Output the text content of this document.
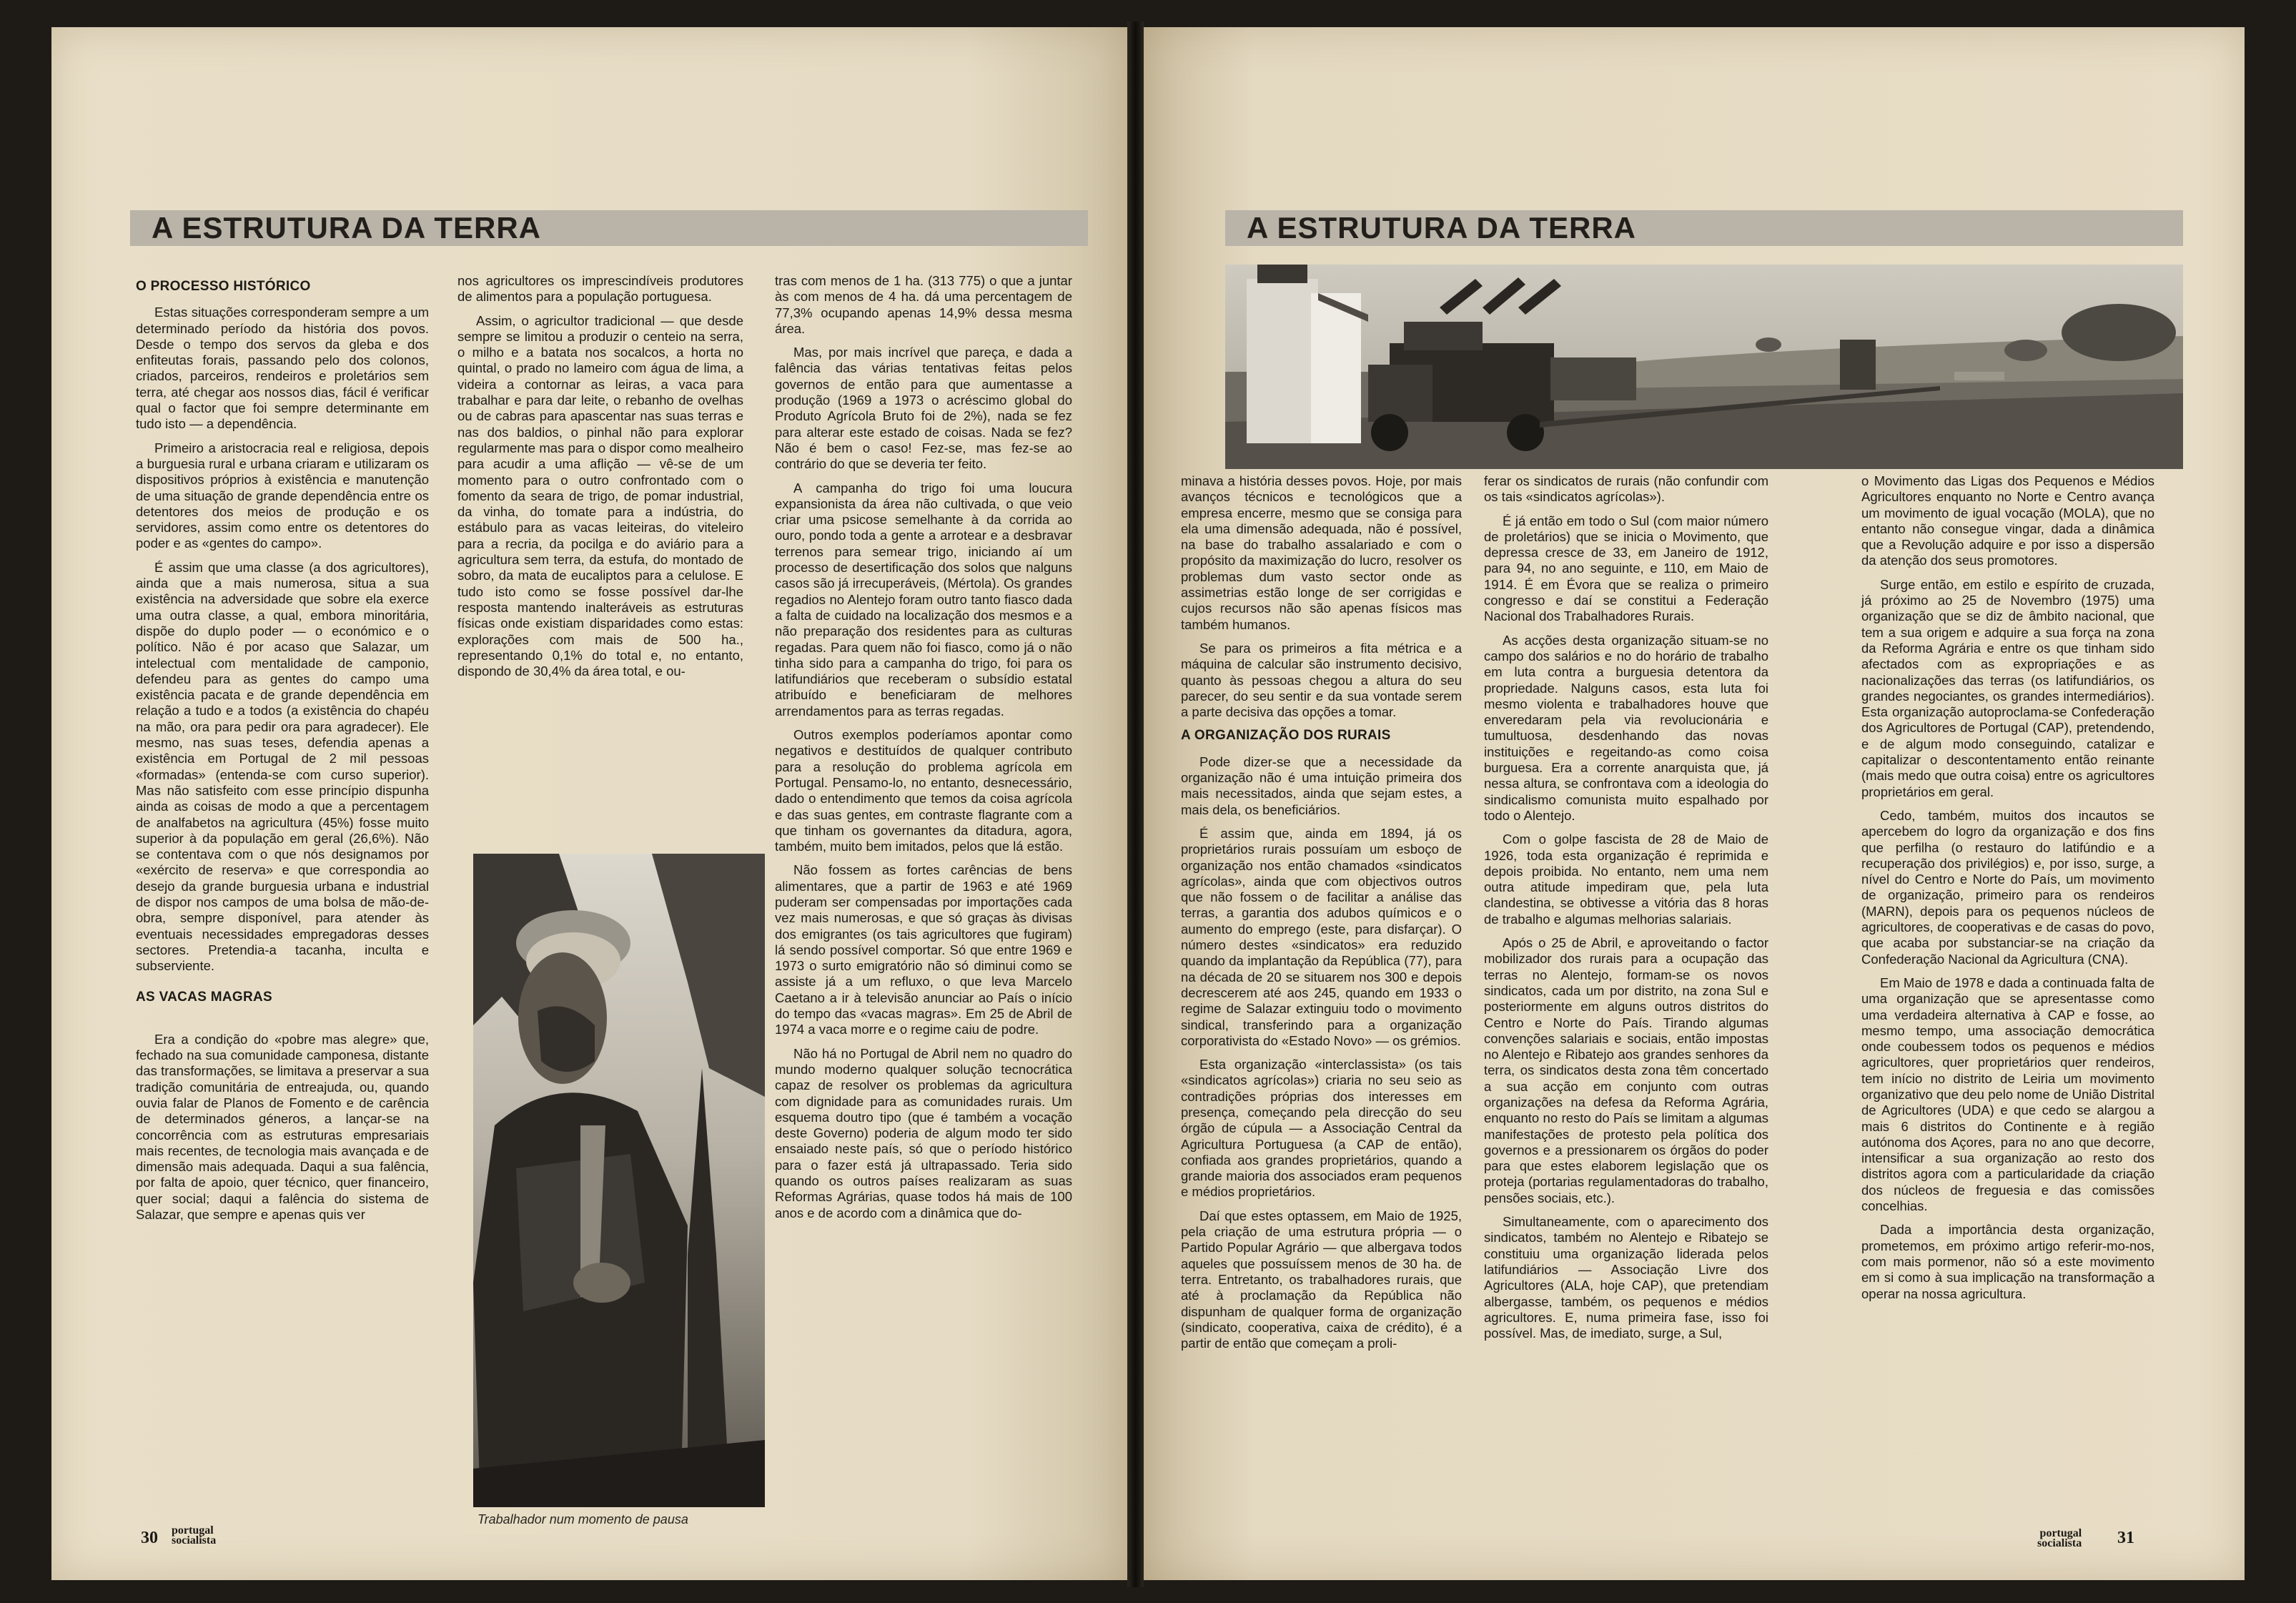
A ESTRUTURA DA TERRA
O PROCESSO HISTÓRICO

Estas situações corresponderam sempre a um determinado período da história dos povos. Desde o tempo dos servos da gleba e dos enfiteutas forais, passando pelo dos colonos, criados, parceiros, rendeiros e proletários sem terra, até chegar aos nossos dias, fácil é verificar qual o factor que foi sempre determinante em tudo isto — a dependência.

Primeiro a aristocracia real e religiosa, depois a burguesia rural e urbana criaram e utilizaram os dispositivos próprios à existência e manutenção de uma situação de grande dependência entre os detentores dos meios de produção e os servidores, assim como entre os detentores do poder e as «gentes do campo».

É assim que uma classe (a dos agricultores), ainda que a mais numerosa, situa a sua existência na adversidade que sobre ela exerce uma outra classe, a qual, embora minoritária, dispõe do duplo poder — o económico e o político. Não é por acaso que Salazar, um intelectual com mentalidade de camponio, defendeu para as gentes do campo uma existência pacata e de grande dependência em relação a tudo e a todos (a existência do chapéu na mão, ora para pedir ora para agradecer). Ele mesmo, nas suas teses, defendia apenas a existência em Portugal de 2 mil pessoas «formadas» (entenda-se com curso superior). Mas não satisfeito com esse princípio dispunha ainda as coisas de modo a que a percentagem de analfabetos na agricultura (45%) fosse muito superior à da população em geral (26,6%). Não se contentava com o que nós designamos por «exército de reserva» e que correspondia ao desejo da grande burguesia urbana e industrial de dispor nos campos de uma bolsa de mão-de-obra, sempre disponível, para atender às eventuais necessidades empregadoras desses sectores. Pretendia-a tacanha, inculta e subserviente.

AS VACAS MAGRAS

Era a condição do «pobre mas alegre» que, fechado na sua comunidade camponesa, distante das transformações, se limitava a preservar a sua tradição comunitária de entreajuda, ou, quando ouvia falar de Planos de Fomento e de carência de determinados géneros, a lançar-se na concorrência com as estruturas empresariais mais recentes, de tecnologia mais avançada e de dimensão mais adequada. Daqui a sua falência, por falta de apoio, quer técnico, quer financeiro, quer social; daqui a falência do sistema de Salazar, que sempre e apenas quis ver

nos agricultores os imprescindíveis produtores de alimentos para a população portuguesa.

Assim, o agricultor tradicional — que desde sempre se limitou a produzir o centeio na serra, o milho e a batata nos socalcos, a horta no quintal, o prado no lameiro com água de lima, a videira a contornar as leiras, a vaca para trabalhar e para dar leite, o rebanho de ovelhas ou de cabras para apascentar nas suas terras e nas dos baldios, o pinhal não para explorar regularmente mas para o dispor como mealheiro para acudir a uma aflição — vê-se de um momento para o outro confrontado com o fomento da seara de trigo, de pomar industrial, da vinha, do tomate para a indústria, do estábulo para as vacas leiteiras, do viteleiro para a recria, da pocilga e do aviário para a agricultura sem terra, da estufa, do montado de sobro, da mata de eucaliptos para a celulose. E tudo isto como se fosse possível dar-lhe resposta mantendo inalteráveis as estruturas físicas onde existiam disparidades como estas: explorações com mais de 500 ha., representando 0,1% do total e, no entanto, dispondo de 30,4% da área total, e ou-

Trabalhador num momento de pausa

tras com menos de 1 ha. (313 775) o que a juntar às com menos de 4 ha. dá uma percentagem de 77,3% ocupando apenas 14,9% dessa mesma área.

Mas, por mais incrível que pareça, e dada a falência das várias tentativas feitas pelos governos de então para que aumentasse a produção (1969 a 1973 o acréscimo global do Produto Agrícola Bruto foi de 2%), nada se fez para alterar este estado de coisas. Nada se fez? Não é bem o caso! Fez-se, mas fez-se ao contrário do que se deveria ter feito.

A campanha do trigo foi uma loucura expansionista da área não cultivada, o que veio criar uma psicose semelhante à da corrida ao ouro, pondo toda a gente a arrotear e a desbravar terrenos para semear trigo, iniciando aí um processo de desertificação dos solos que nalguns casos são já irrecuperáveis, (Mértola). Os grandes regadios no Alentejo foram outro tanto fiasco dada a falta de cuidado na localização dos mesmos e a não preparação dos residentes para as culturas regadas. Para quem não foi fiasco, como já o não tinha sido para a campanha do trigo, foi para os latifundiários que receberam o subsídio estatal atribuído e beneficiaram de melhores arrendamentos para as terras regadas.

Outros exemplos poderíamos apontar como negativos e destituídos de qualquer contributo para a resolução do problema agrícola em Portugal. Pensamo-lo, no entanto, desnecessário, dado o entendimento que temos da coisa agrícola e das suas gentes, em contraste flagrante com a que tinham os governantes da ditadura, agora, também, muito bem imitados, pelos que lá estão.

Não fossem as fortes carências de bens alimentares, que a partir de 1963 e até 1969 puderam ser compensadas por importações cada vez mais numerosas, e que só graças às divisas dos emigrantes (os tais agricultores que fugiram) lá sendo possível comportar. Só que entre 1969 e 1973 o surto emigratório não só diminui como se assiste já a um refluxo, o que leva Marcelo Caetano a ir à televisão anunciar ao País o início do tempo das «vacas magras». Em 25 de Abril de 1974 a vaca morre e o regime caiu de podre.

Não há no Portugal de Abril nem no quadro do mundo moderno qualquer solução tecnocrática capaz de resolver os problemas da agricultura com dignidade para as comunidades rurais. Um esquema doutro tipo (que é também a vocação deste Governo) poderia de algum modo ter sido ensaiado neste país, só que o período histórico para o fazer está já ultrapassado. Teria sido quando os outros países realizaram as suas Reformas Agrárias, quase todos há mais de 100 anos e de acordo com a dinâmica que do-

30 portugal
socialista
A ESTRUTURA DA TERRA

minava a história desses povos. Hoje, por mais avanços técnicos e tecnológicos que a empresa encerre, mesmo que se consiga para ela uma dimensão adequada, não é possível, na base do trabalho assalariado e com o propósito da maximização do lucro, resolver os problemas dum vasto sector onde as assimetrias estão longe de ser corrigidas e cujos recursos não são apenas físicos mas também humanos.

Se para os primeiros a fita métrica e a máquina de calcular são instrumento decisivo, quanto às pessoas chegou a altura do seu parecer, do seu sentir e da sua vontade serem a parte decisiva das opções a tomar.

A ORGANIZAÇÃO DOS RURAIS

Pode dizer-se que a necessidade da organização não é uma intuição primeira dos mais necessitados, ainda que sejam estes, a mais dela, os beneficiários.

É assim que, ainda em 1894, já os proprietários rurais possuíam um esboço de organização nos então chamados «sindicatos agrícolas», ainda que com objectivos outros que não fossem o de facilitar a análise das terras, a garantia dos adubos químicos e o aumento do emprego (este, para disfarçar). O número destes «sindicatos» era reduzido quando da implantação da República (77), para na década de 20 se situarem nos 300 e depois decrescerem até aos 245, quando em 1933 o regime de Salazar extinguiu todo o movimento sindical, transferindo para a organização corporativista do «Estado Novo» — os grémios.

Esta organização «interclassista» (os tais «sindicatos agrícolas») criaria no seu seio as contradições próprias dos interesses em presença, começando pela direcção do seu órgão de cúpula — a Associação Central da Agricultura Portuguesa (a CAP de então), confiada aos grandes proprietários, quando a grande maioria dos associados eram pequenos e médios proprietários.

Daí que estes optassem, em Maio de 1925, pela criação de uma estrutura própria — o Partido Popular Agrário — que albergava todos aqueles que possuíssem menos de 30 ha. de terra. Entretanto, os trabalhadores rurais, que até à proclamação da República não dispunham de qualquer forma de organização (sindicato, cooperativa, caixa de crédito), é a partir de então que começam a proli-

ferar os sindicatos de rurais (não confundir com os tais «sindicatos agrícolas»).

É já então em todo o Sul (com maior número de proletários) que se inicia o Movimento, que depressa cresce de 33, em Janeiro de 1912, para 94, no ano seguinte, e 110, em Maio de 1914. É em Évora que se realiza o primeiro congresso e daí se constitui a Federação Nacional dos Trabalhadores Rurais.

As acções desta organização situam-se no campo dos salários e no do horário de trabalho em luta contra a burguesia detentora da propriedade. Nalguns casos, esta luta foi mesmo violenta e trabalhadores houve que enveredaram pela via revolucionária e tumultuosa, desdenhando das novas instituições e regeitando-as como coisa burguesa. Era a corrente anarquista que, já nessa altura, se confrontava com a ideologia do sindicalismo comunista muito espalhado por todo o Alentejo.

Com o golpe fascista de 28 de Maio de 1926, toda esta organização é reprimida e depois proibida. No entanto, nem uma nem outra atitude impediram que, pela luta clandestina, se obtivesse a vitória das 8 horas de trabalho e algumas melhorias salariais.

Após o 25 de Abril, e aproveitando o factor mobilizador dos rurais para a ocupação das terras no Alentejo, formam-se os novos sindicatos, cada um por distrito, na zona Sul e posteriormente em alguns outros distritos do Centro e Norte do País. Tirando algumas convenções salariais e sociais, então impostas no Alentejo e Ribatejo aos grandes senhores da terra, os sindicatos desta zona têm concertado a sua acção em conjunto com outras organizações na defesa da Reforma Agrária, enquanto no resto do País se limitam a algumas manifestações de protesto pela política dos governos e a pressionarem os órgãos do poder para que estes elaborem legislação que os proteja (portarias regulamentadoras do trabalho, pensões sociais, etc.).

Simultaneamente, com o aparecimento dos sindicatos, também no Alentejo e Ribatejo se constituiu uma organização liderada pelos latifundiários — Associação Livre dos Agricultores (ALA, hoje CAP), que pretendiam albergasse, também, os pequenos e médios agricultores. E, numa primeira fase, isso foi possível. Mas, de imediato, surge, a Sul,

o Movimento das Ligas dos Pequenos e Médios Agricultores enquanto no Norte e Centro avança um movimento de igual vocação (MOLA), que no entanto não consegue vingar, dada a dinâmica que a Revolução adquire e por isso a dispersão da atenção dos seus promotores.

Surge então, em estilo e espírito de cruzada, já próximo ao 25 de Novembro (1975) uma organização que se diz de âmbito nacional, que tem a sua origem e adquire a sua força na zona da Reforma Agrária e entre os que tinham sido afectados com as expropriações e as nacionalizações das terras (os latifundiários, os grandes negociantes, os grandes intermediários). Esta organização autoproclama-se Confederação dos Agricultores de Portugal (CAP), pretendendo, e de algum modo conseguindo, catalizar e capitalizar o descontentamento então reinante (mais medo que outra coisa) entre os agricultores proprietários em geral.

Cedo, também, muitos dos incautos se apercebem do logro da organização e dos fins que perfilha (o restauro do latifúndio e a recuperação dos privilégios) e, por isso, surge, a nível do Centro e Norte do País, um movimento de organização, primeiro para os rendeiros (MARN), depois para os pequenos núcleos de agricultores, de cooperativas e de casas do povo, que acaba por substanciar-se na criação da Confederação Nacional da Agricultura (CNA).

Em Maio de 1978 e dada a continuada falta de uma organização que se apresentasse como uma verdadeira alternativa à CAP e fosse, ao mesmo tempo, uma associação democrática onde coubessem todos os pequenos e médios agricultores, quer proprietários quer rendeiros, tem início no distrito de Leiria um movimento organizativo que deu pelo nome de União Distrital de Agricultores (UDA) e que cedo se alargou a mais 6 distritos do Continente e à região autónoma dos Açores, para no ano que decorre, intensificar a sua organização ao resto dos distritos agora com a particularidade da criação dos núcleos de freguesia e das comissões concelhias.

Dada a importância desta organização, prometemos, em próximo artigo referir-mo-nos, com mais pormenor, não só a este movimento em si como à sua implicação na transformação a operar na nossa agricultura.

portugal
socialista 31
